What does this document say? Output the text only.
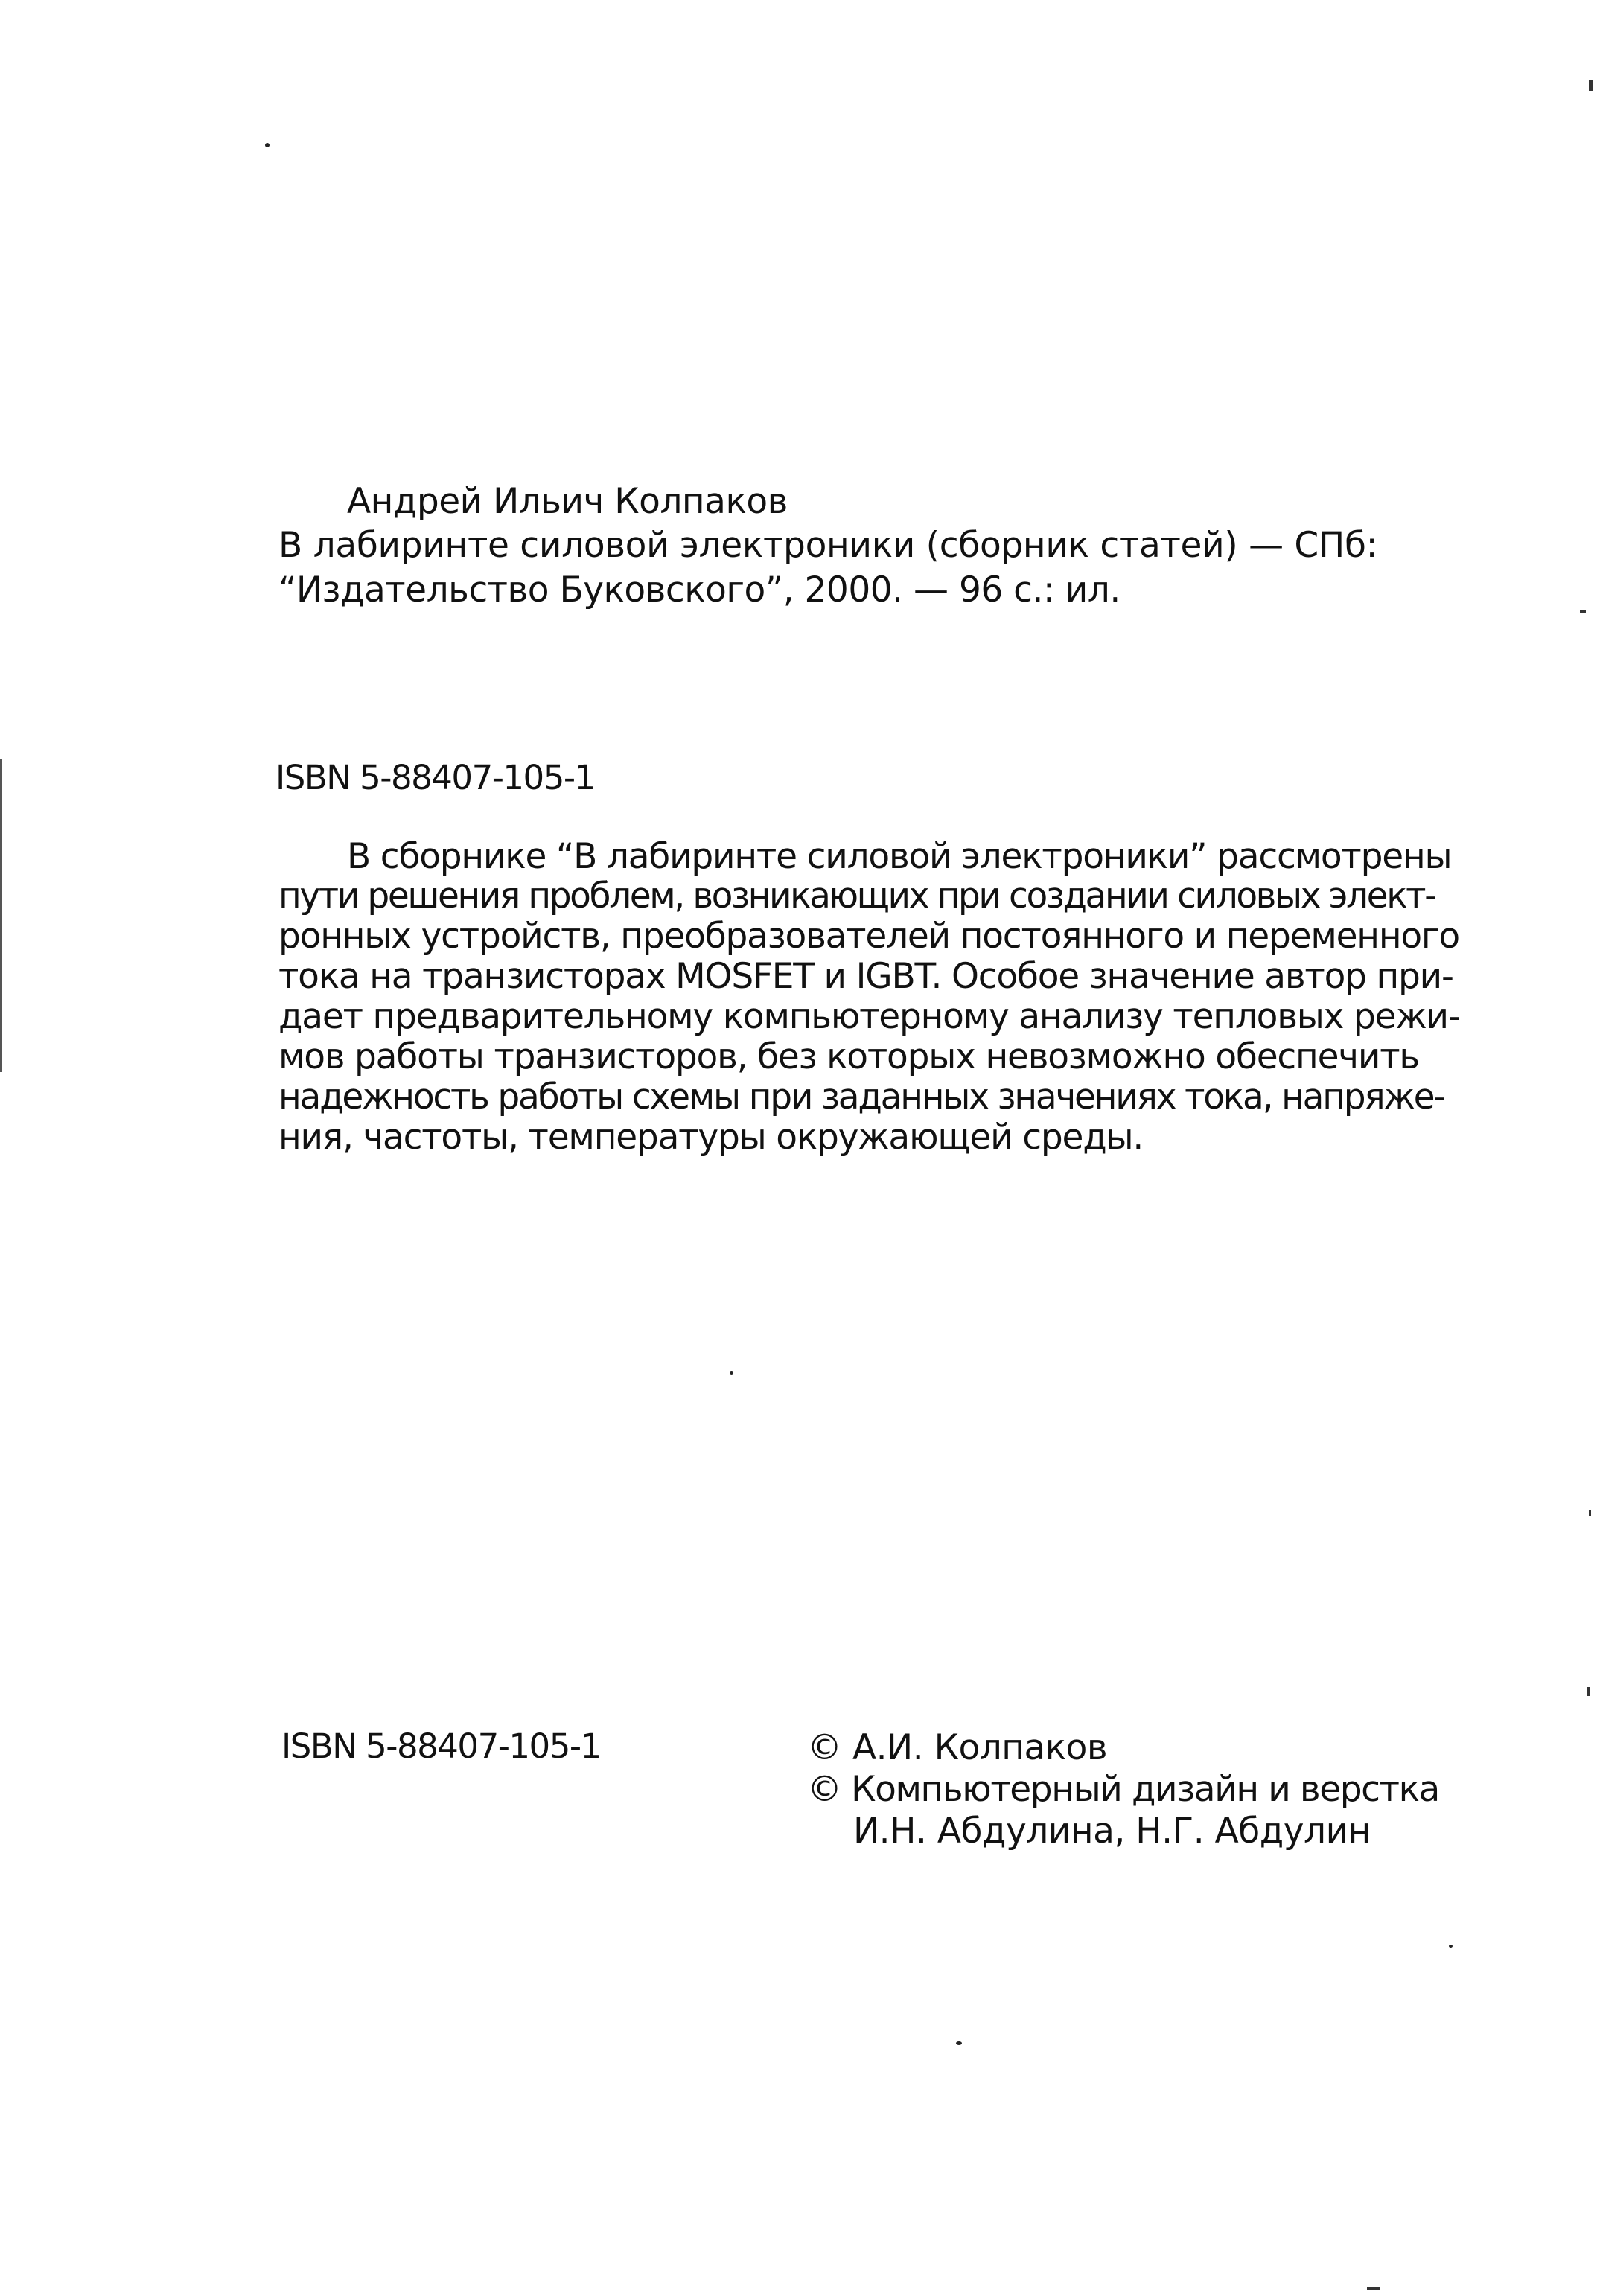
Андрей Ильич Колпаков
В лабиринте силовой электроники (сборник статей) — СПб:
“Издательство Буковского”, 2000. — 96 с.: ил.
ISBN 5-88407-105-1
В сборнике “В лабиринте силовой электроники” рассмотрены
пути решения проблем, возникающих при создании силовых элект-
ронных устройств, преобразователей постоянного и переменного
тока на транзисторах MOSFET и IGBT. Особое значение автор при-
дает предварительному компьютерному анализу тепловых режи-
мов работы транзисторов, без которых невозможно обеспечить
надежность работы схемы при заданных значениях тока, напряже-
ния, частоты, температуры окружающей среды.
ISBN 5-88407-105-1	© А.И. Колпаков
© Компьютерный дизайн и верстка
И.Н. Абдулина, Н.Г. Абдулин
